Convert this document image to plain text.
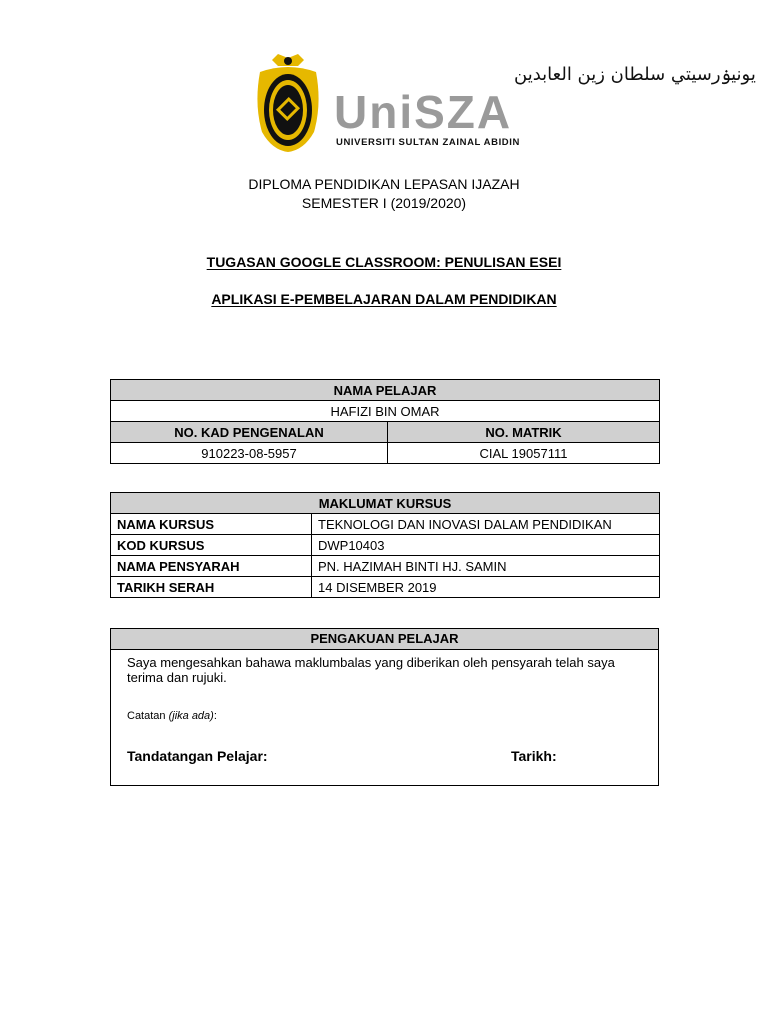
يونيۏرسيتي سلطان زين العابدين
UniSZA
UNIVERSITI SULTAN ZAINAL ABIDIN
DIPLOMA PENDIDIKAN LEPASAN IJAZAH
SEMESTER I (2019/2020)
TUGASAN GOOGLE CLASSROOM: PENULISAN ESEI
APLIKASI E-PEMBELAJARAN DALAM PENDIDIKAN
NAMA PELAJAR	
HAFIZI BIN OMAR	
NO. KAD PENGENALAN	NO. MATRIK
910223-08-5957	CIAL 19057111
MAKLUMAT KURSUS	
NAMA KURSUS	TEKNOLOGI DAN INOVASI DALAM PENDIDIKAN
KOD KURSUS	DWP10403
NAMA PENSYARAH	PN. HAZIMAH BINTI HJ. SAMIN
TARIKH SERAH	14 DISEMBER 2019
PENGAKUAN PELAJAR
Saya mengesahkan bahawa maklumbalas yang diberikan oleh pensyarah telah saya terima dan rujuki.
Catatan (jika ada):
Tandatangan Pelajar:	Tarikh:
